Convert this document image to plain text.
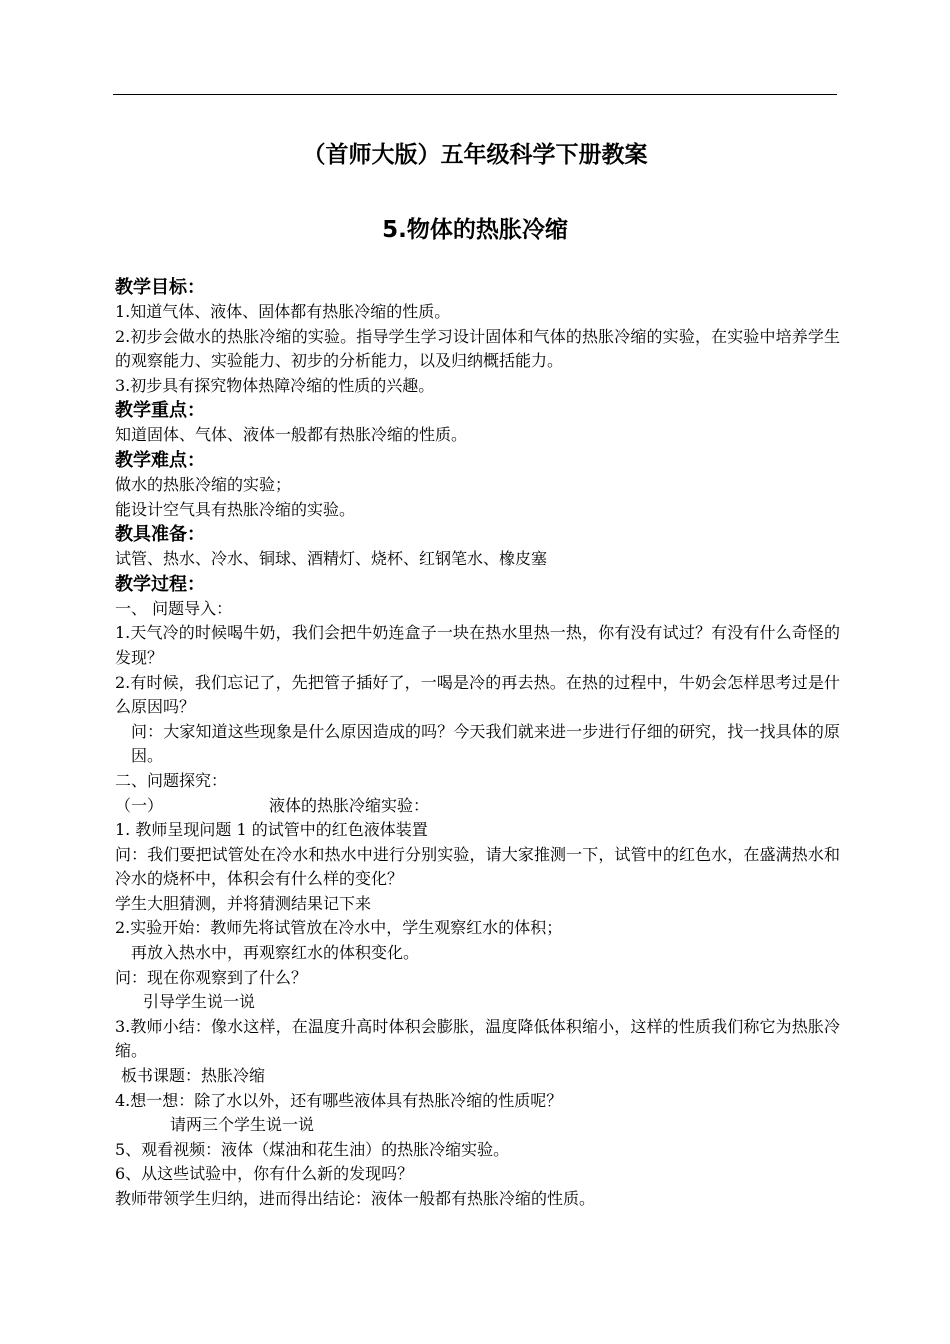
（首师大版）五年级科学下册教案
5.物体的热胀冷缩
教学目标：

1.知道气体、液体、固体都有热胀冷缩的性质。

2.初步会做水的热胀冷缩的实验。指导学生学习设计固体和气体的热胀冷缩的实验，在实验中培养学生的观察能力、实验能力、初步的分析能力，以及归纳概括能力。

3.初步具有探究物体热障冷缩的性质的兴趣。

教学重点：

知道固体、气体、液体一般都有热胀冷缩的性质。

教学难点：

做水的热胀冷缩的实验；

能设计空气具有热胀冷缩的实验。

教具准备：

试管、热水、冷水、铜球、酒精灯、烧杯、红钢笔水、橡皮塞

教学过程：

一、 问题导入：

1.天气冷的时候喝牛奶，我们会把牛奶连盒子一块在热水里热一热，你有没有试过？有没有什么奇怪的发现？

2.有时候，我们忘记了，先把管子插好了，一喝是冷的再去热。在热的过程中，牛奶会怎样思考过是什么原因吗？

问：大家知道这些现象是什么原因造成的吗？今天我们就来进一步进行仔细的研究，找一找具体的原因。

二、问题探究：

（一）	液体的热胀冷缩实验：

1. 教师呈现问题 1 的试管中的红色液体装置

问：我们要把试管处在冷水和热水中进行分别实验，请大家推测一下，试管中的红色水，在盛满热水和冷水的烧杯中，体积会有什么样的变化？

学生大胆猜测，并将猜测结果记下来

2.实验开始：教师先将试管放在冷水中，学生观察红水的体积；

再放入热水中，再观察红水的体积变化。

问：现在你观察到了什么？

引导学生说一说

3.教师小结：像水这样，在温度升高时体积会膨胀，温度降低体积缩小，这样的性质我们称它为热胀冷缩。

板书课题：热胀冷缩

4.想一想：除了水以外，还有哪些液体具有热胀冷缩的性质呢？

请两三个学生说一说

5、观看视频：液体（煤油和花生油）的热胀冷缩实验。

6、从这些试验中，你有什么新的发现吗？

教师带领学生归纳，进而得出结论：液体一般都有热胀冷缩的性质。
